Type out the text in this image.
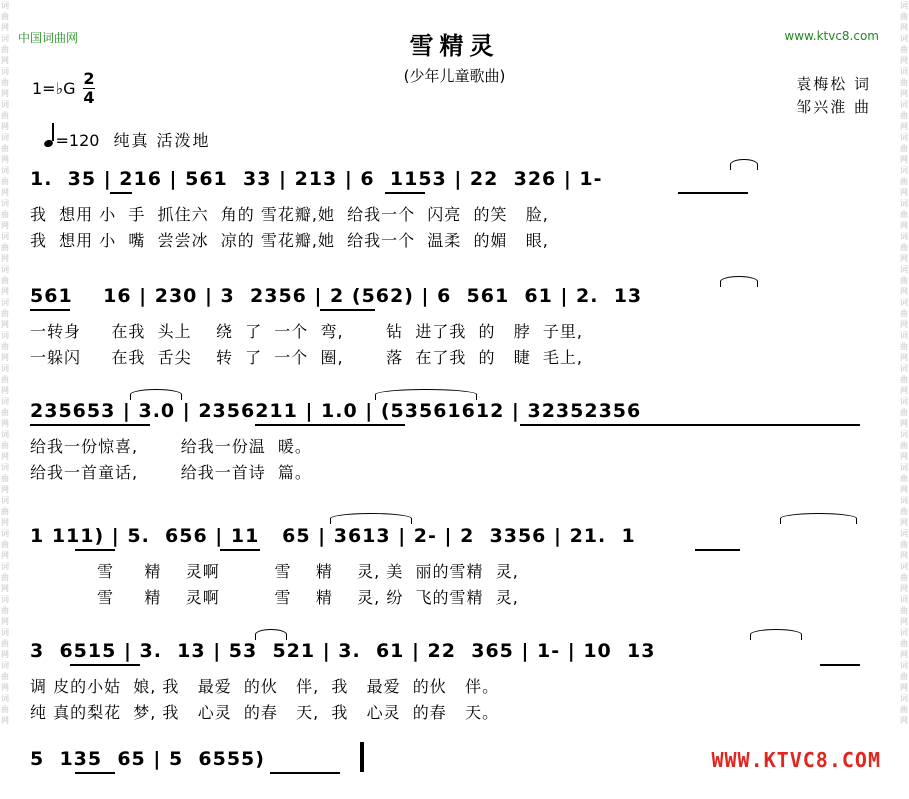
词曲网词曲网词曲网词曲网词曲网词曲网词曲网词曲网词曲网词曲网词曲网词曲网词曲网词曲网词曲网词曲网词曲网词曲网词曲网词曲网词曲网词曲网
词曲网词曲网词曲网词曲网词曲网词曲网词曲网词曲网词曲网词曲网词曲网词曲网词曲网词曲网词曲网词曲网词曲网词曲网词曲网词曲网词曲网词曲网
中国词曲网	www.ktvc8.com
雪精灵
(少年儿童歌曲)	袁梅松 词
邹兴淮 曲
1=♭G
2
4
=120 纯真 活泼地
1.  35 | 216 | 561  33 | 213 | 6  1153 | 22  326 | 1-
我  想用 小  手  抓住六  角的 雪花瓣,她  给我一个  闪亮  的笑   脸,
我  想用 小  嘴  尝尝冰  凉的 雪花瓣,她  给我一个  温柔  的媚   眼,
561    16 | 230 | 3  2356 | 2 (562) | 6  561  61 | 2.  13
一转身     在我  头上    绕  了  一个  弯,       钻  进了我  的   脖  子里,
一躲闪     在我  舌尖    转  了  一个  圈,       落  在了我  的   睫  毛上,
235653 | 3.0 | 2356211 | 1.0 | (53561612 | 32352356
给我一份惊喜,       给我一份温  暖。
给我一首童话,       给我一首诗  篇。
1 111) | 5.  656 | 11   65 | 3613 | 2- | 2  3356 | 21.  1
雪     精    灵啊         雪    精    灵, 美  丽的雪精  灵,
雪     精    灵啊         雪    精    灵, 纷  飞的雪精  灵,
3  6515 | 3.  13 | 53  521 | 3.  61 | 22  365 | 1- | 10  13
调 皮的小姑  娘, 我   最爱  的伙   伴,  我   最爱  的伙   伴。
纯 真的梨花  梦, 我   心灵  的春   天,  我   心灵  的春   天。
5  135  65 | 5  6555)	WWW.KTVC8.COM
